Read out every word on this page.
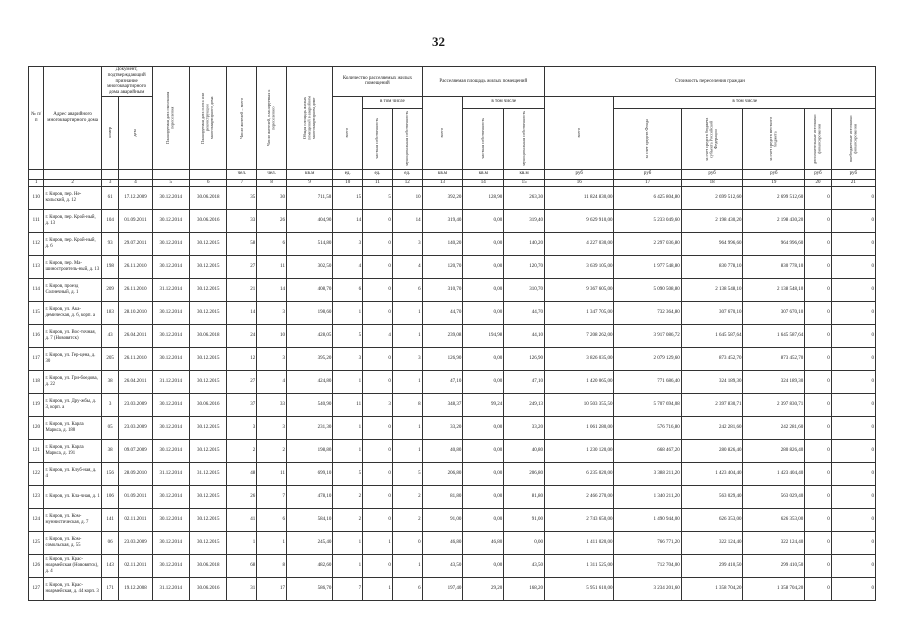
32
№ п/п	Адрес аварийного многоквартирного дома	Документ, подтверждающий признание многоквартирного дома аварийным		Планируемая дата окончания переселения	Планируемая дата сноса или реконструкции многоквартирного дома	Число жителей – всего	Число жителей, планируемых к переселению	Общая площадь жилых помещений в аварийном многоквартирном доме	Количество расселяемых жилых помещений			Расселяемая площадь жилых помещений			Стоимость переселения граждан					

		номер	дата						всего	в том числе		всего	в том числе		всего	в том числе				

										частная собственность	муниципальная собственность		частная собственность	муниципальная собственность		за счет средств Фонда	за счет средств бюджета субъекта Российской Федерации	за счет средств местного бюджета	дополнительные источники финансирования	внебюджетные источники финансирования

						чел.	чел.	кв.м	ед.	ед.	ед.	кв.м	кв.м	кв.м	руб	руб	руб	руб	руб	руб
1	2	3	4	5	6	7	8	9	10	11	12	13	14	15	16	17	18	19	20	21
110	г. Киров, пер. Не-кольский, д. 12	61	17.12.2009	30.12.2014	30.06.2018	35	30	711,50	15	5	10	392,20	128,90	263,30	11 824 830,00	6 425 804,80	2 699 512,60	2 699 512,60	0	0
111	г. Киров, пер. Крой-ный, д. 13	104	01.09.2011	30.12.2014	30.06.2016	33	26	404,90	14	0	14	319,40	0,00	319,40	9 629 910,00	5 233 049,60	2 198 430,20	2 198 430,20	0	0
112	г. Киров, пер. Крой-ный, д. 6	93	29.07.2011	30.12.2014	30.12.2015	58	6	514,80	3	0	3	140,20	0,00	140,20	4 227 030,00	2 297 036,80	964 996,60	964 996,60	0	0
113	г. Киров, пер. Ма-шиностроитель-ный, д. 13	198	26.11.2010	30.12.2014	30.12.2015	27	11	302,50	4	0	4	120,70	0,00	120,70	3 639 105,00	1 977 548,80	830 778,10	830 778,10	0	0
114	г. Киров, проезд Солнечный, д. 1	209	26.11.2010	31.12.2014	30.12.2015	21	14	408,70	6	0	6	310,70	0,00	310,70	9 367 605,00	5 090 508,80	2 138 548,10	2 138 548,10	0	0
115	г. Киров, ул. Ака-демическая, д. 6, корп. а	183	28.10.2010	30.12.2014	30.12.2015	14	3	198,60	1	0	1	44,70	0,00	44,70	1 347 705,00	732 364,80	307 670,10	307 670,10	0	0
116	г. Киров, ул. Вос-точная, д. 7 (Нововятск)	43	26.04.2011	30.12.2014	30.06.2018	24	10	428,05	5	4	1	239,08	194,98	44,10	7 208 262,00	3 917 086,72	1 645 587,64	1 645 587,64	0	0
117	г. Киров, ул. Гер-цена, д. 30	205	26.11.2010	30.12.2014	30.12.2015	12	3	395,20	3	0	3	126,90	0,00	126,90	3 826 035,00	2 079 129,60	873 452,70	873 452,70	0	0
118	г. Киров, ул. Гри-боедова, д. 22	38	26.04.2011	31.12.2014	30.12.2015	27	4	424,80	1	0	1	47,10	0,00	47,10	1 420 065,00	771 686,40	324 189,30	324 189,30	0	0
119	г. Киров, ул. Дру-жбы, д. 3, корп. а	3	23.03.2009	30.12.2014	30.06.2016	37	33	540,90	11	3	8	348,37	99,24	249,13	10 503 355,50	5 707 694,08	2 397 830,71	2 397 830,71	0	0
120	г. Киров, ул. Карла Маркса, д. 188	05	23.03.2009	30.12.2014	30.12.2015	3	3	231,30	1	0	1	33,20	0,00	33,20	1 061 280,00	576 716,80	242 281,60	242 281,60	0	0
121	г. Киров, ул. Карла Маркса, д. 191	38	09.07.2009	30.12.2014	30.12.2015	2	2	198,80	1	0	1	40,80	0,00	40,80	1 230 120,00	668 467,20	280 826,40	280 826,40	0	0
122	г. Киров, ул. Клуб-ная, д. 4	156	28.09.2010	31.12.2014	31.12.2015	48	11	699,10	5	0	5	206,80	0,00	206,80	6 235 020,00	3 388 211,20	1 423 404,40	1 423 404,40	0	0
123	г. Киров, ул. Кла-чная, д. 1	106	01.09.2011	30.12.2014	30.12.2015	26	7	478,10	2	0	2	81,80	0,00	81,80	2 466 270,00	1 340 211,20	563 029,40	563 029,40	0	0
124	г. Киров, ул. Ком-муннистическая, д. 7	141	02.11.2011	30.12.2014	30.12.2015	41	6	584,10	2	0	2	91,00	0,00	91,00	2 743 650,00	1 490 944,00	626 353,00	626 353,00	0	0
125	г. Киров, ул. Ком-сомольская, д. 55	06	23.03.2009	30.12.2014	30.12.2015	1	1	245,40	1	1	0	46,80	46,80	0,00	1 411 020,00	766 771,20	322 124,40	322 124,40	0	0
126	г. Киров, ул. Крас-ноармейская (Нововятск), д. 4	143	02.11.2011	30.12.2014	30.06.2018	68	8	482,60	1	0	1	43,50	0,00	43,50	1 311 525,00	712 704,00	299 410,50	299 410,50	0	0
127	г. Киров, ул. Крас-ноармейская, д. 44 корп. 3	171	19.12.2008	31.12.2014	30.06.2016	31	17	586,70	7	1	6	197,40	29,20	168,20	5 951 610,00	3 234 201,60	1 358 704,20	1 358 704,20	0	0
